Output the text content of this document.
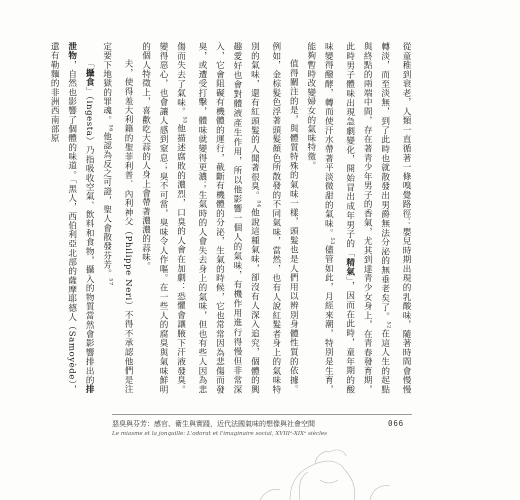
從童稚到衰老，人類一直循著一條嗅覺路徑：嬰兒時期出現的乳酸味，隨著時間會慢慢轉淡，而至淡無，到了此時也就散發出男爵無法分泌的無垂老矣了。$^{52}$在這人生的起點與終點的兩端中間，存在著青少年男子的香氣，尤其到達青少女身上，在青春發育期，此時男子體味出現急劇變化，開始冒出成年男子的「精氣」，因而在此時，童年期的酸味變得醱酵，轉而使汗水帶著平淡微甜的氣味。$^{53}$儘管如此，月經來潮，特別是生育，能夠暫時改變婦女的氣味特徵。

值得關注的是，與體質特殊的氣味一樣，頭髮也是人們用以辨別身體性質的依據。例如，金棕髮色浮著頭髮顏色所散發的不同氣味，當然，也有人說紅髮者身上的氣味特別的氣味，還有紅頭髮的人聞著很臭。$^{54}$他說這種氣味，卻沒有人深入追究，個體的興趣愛好也會對體液產生作用，所以他影響一個人的氣味，有機作用進行得慢但非常深入，它會阻礙有機體的運行，截斷有機體的分泌，生氣的時候，它也常常因為悲傷而發臭，或遭受打擊，體味就變得更濃；生氣時的人會失去身上的氣味，但也有些人因為悲傷而失去了氣味。$^{55}$他描述腐敗的濃烈，口臭的人會在加劇：恐懼會讓腋下汗液發臭。變得惡心，也會讓人感到窒息；臭不可當，臭味令人作嘔。在一些人的腐臭與氣味鮮明的個人特徵上，喜歡吃大蒜的人身上會帶著濃濃的蒜味。

夫，使得羞大利籍的聖菲利普．內利神父（Philippe Neri）不得不承認他們是注定要下地獄的罪魂。$^{56}$他認為反之可證，聖人會散發芬芳。$^{57}$

「攝食」（ingesta）乃指吸收空氣、飲料和食物，攝入的物質當然會影響排出的排泄物，自然也影響了個體的味道。「黑人，西伯利亞北部的薩摩耶德人（Samoyède），還有勒麵的非洲西南部原

惡臭與芬芳：感官、衛生與實踐，近代法國氣味的想像與社會空間
Le miasme et la jonquille: L'odorat et l'imaginaire social, XVIIIᵉ-XIXᵉ siècles
066
